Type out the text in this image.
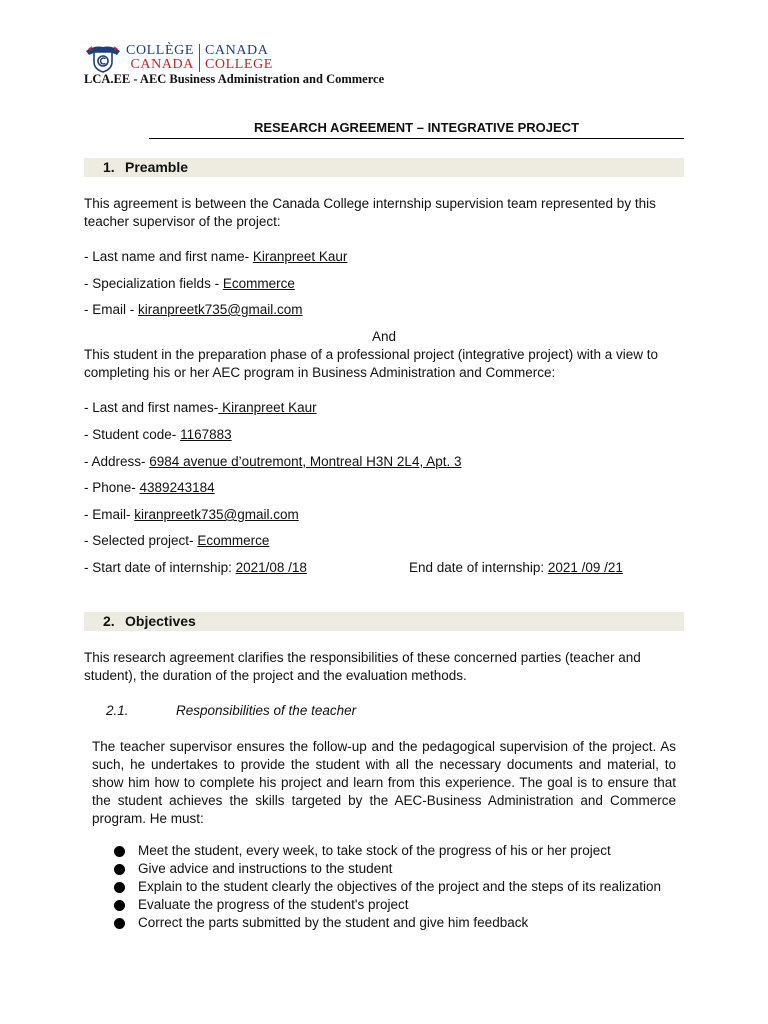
COLLÈGE
CANADA
CANADA
COLLEGE
LCA.EE - AEC Business Administration and Commerce
RESEARCH AGREEMENT – INTEGRATIVE PROJECT
1. Preamble
This agreement is between the Canada College internship supervision team represented by this teacher supervisor of the project:
- Last name and first name- Kiranpreet Kaur
- Specialization fields - Ecommerce
- Email - kiranpreetk735@gmail.com
And
This student in the preparation phase of a professional project (integrative project) with a view to completing his or her AEC program in Business Administration and Commerce:
- Last and first names- Kiranpreet Kaur
- Student code- 1167883
- Address- 6984 avenue d’outremont, Montreal H3N 2L4, Apt. 3
- Phone- 4389243184
- Email- kiranpreetk735@gmail.com
- Selected project- Ecommerce
- Start date of internship: 2021/08 /18	End date of internship: 2021 /09 /21
2. Objectives
This research agreement clarifies the responsibilities of these concerned parties (teacher and student), the duration of the project and the evaluation methods.
2.1.	Responsibilities of the teacher
The teacher supervisor ensures the follow-up and the pedagogical supervision of the project. As such, he undertakes to provide the student with all the necessary documents and material, to show him how to complete his project and learn from this experience. The goal is to ensure that the student achieves the skills targeted by the AEC-Business Administration and Commerce program. He must:
Meet the student, every week, to take stock of the progress of his or her project
Give advice and instructions to the student
Explain to the student clearly the objectives of the project and the steps of its realization
Evaluate the progress of the student's project
Correct the parts submitted by the student and give him feedback
